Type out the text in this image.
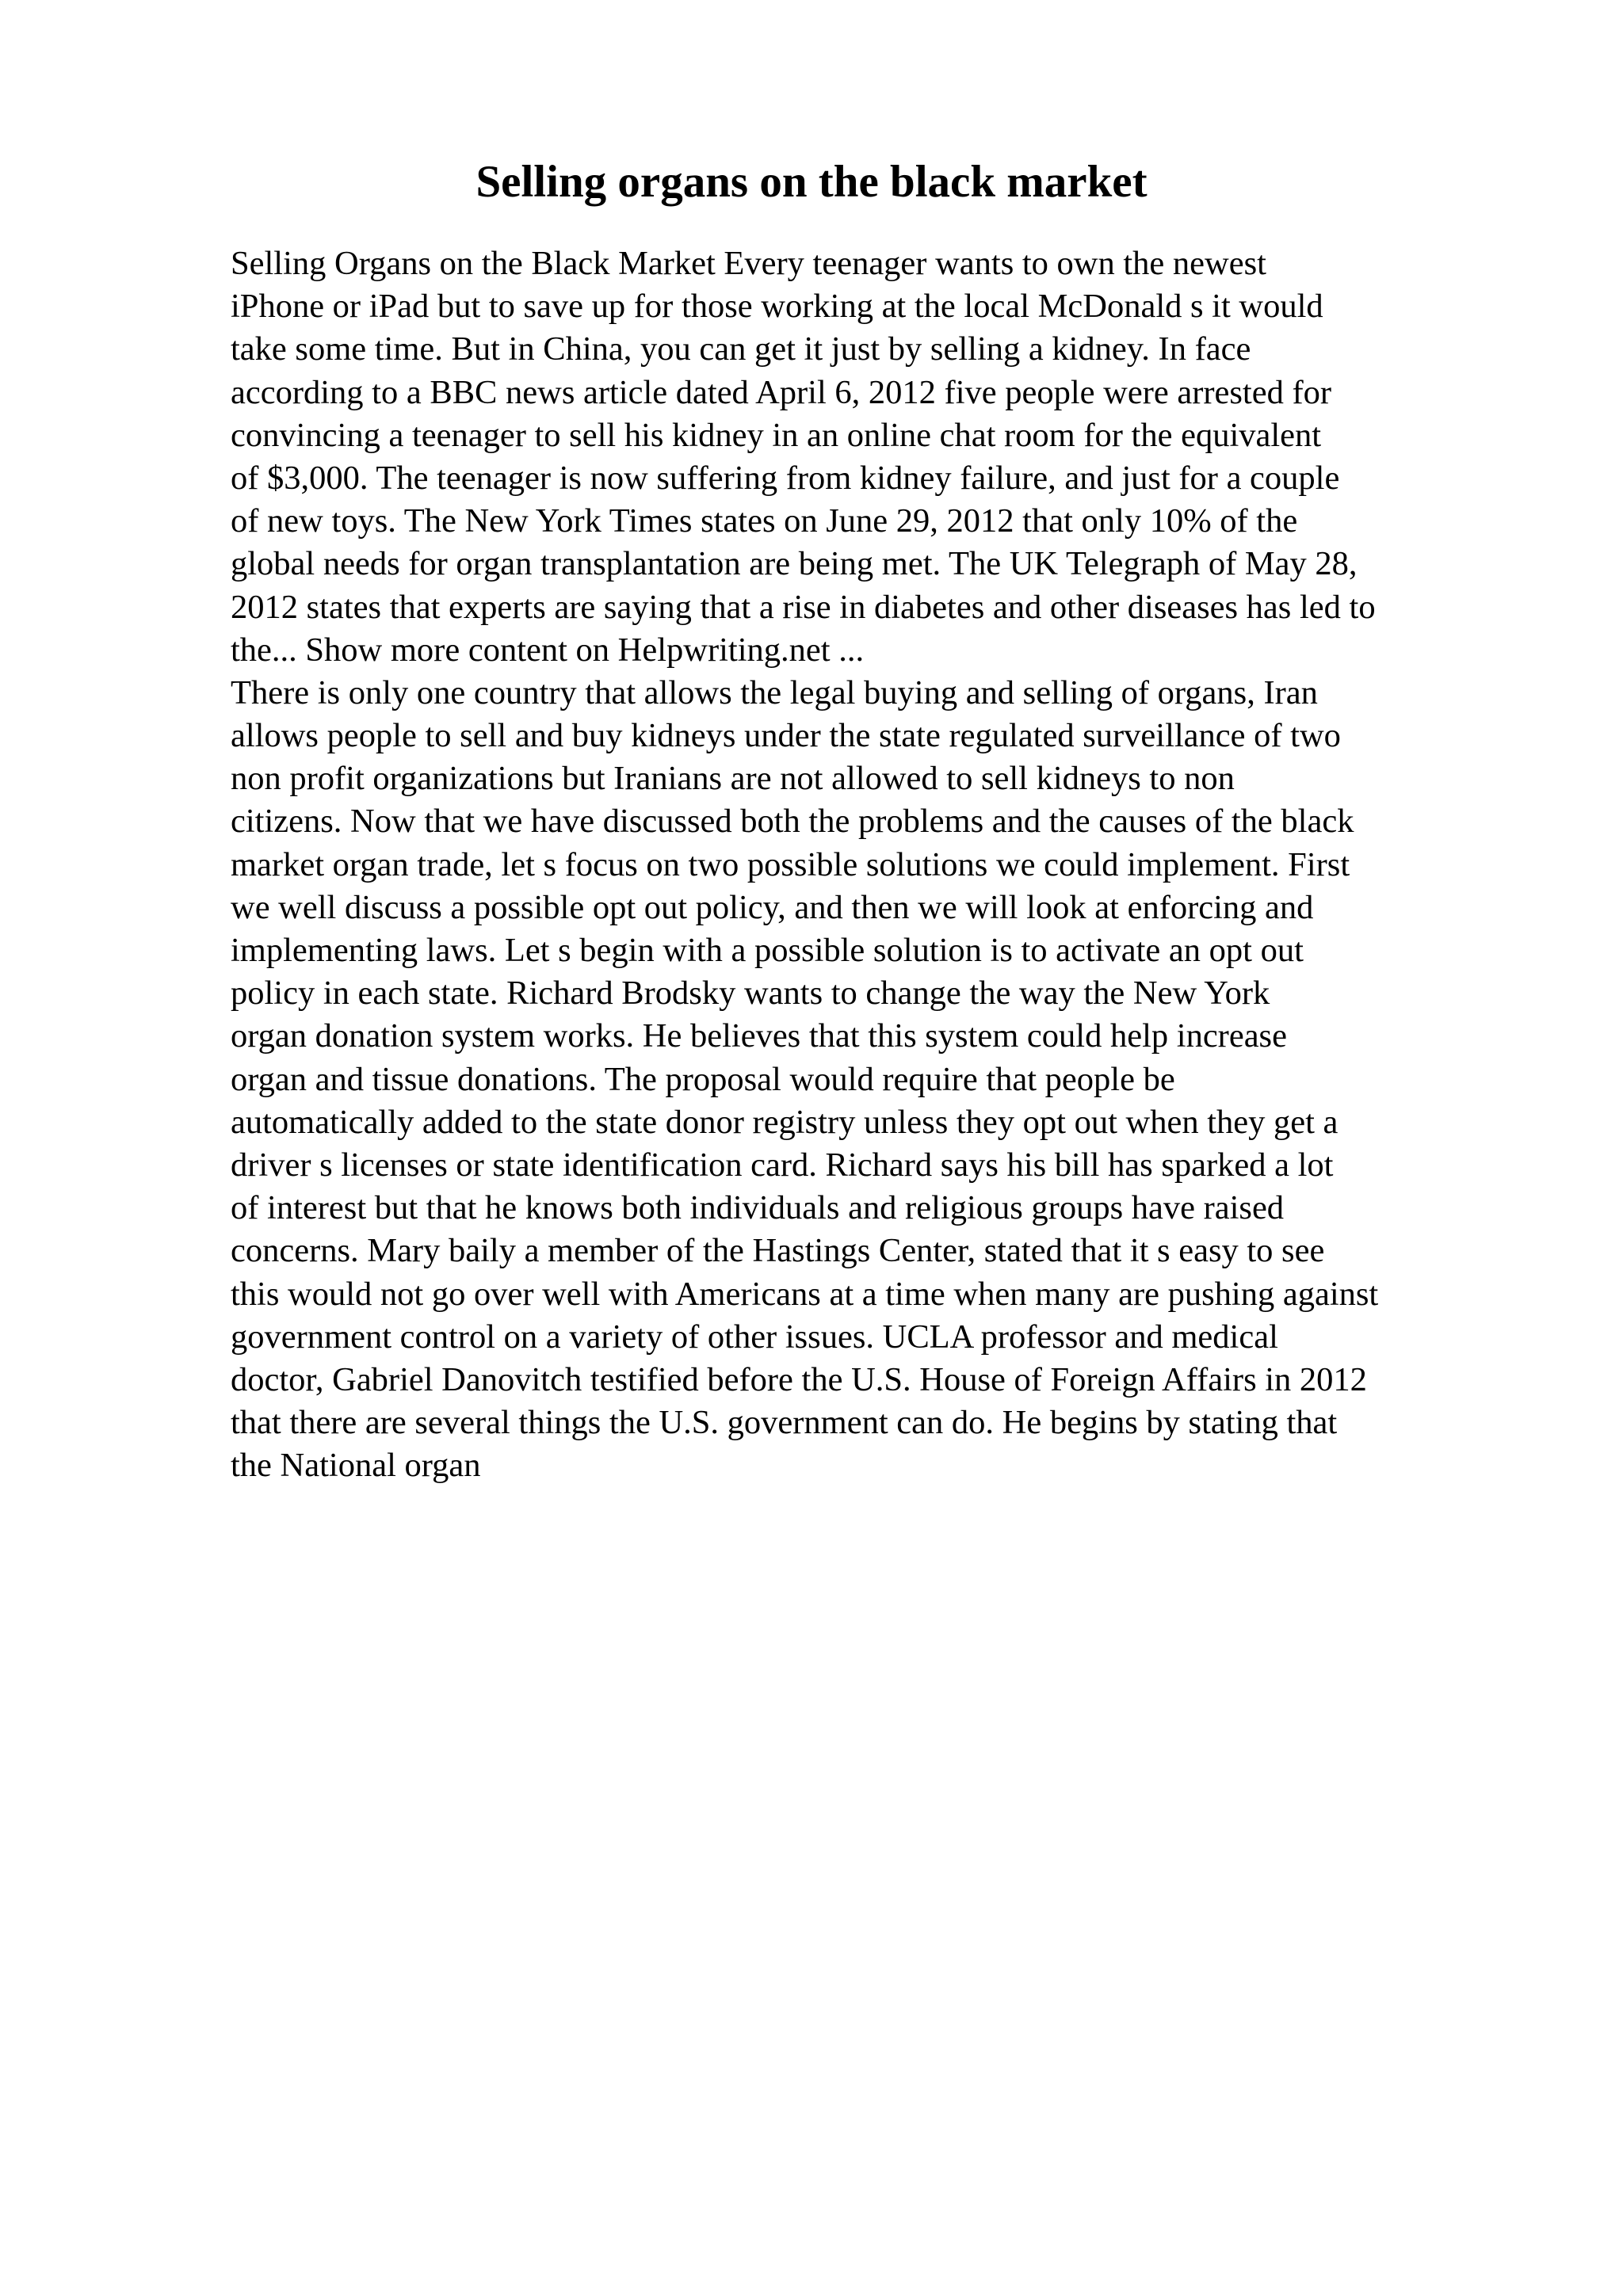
Selling organs on the black market
Selling Organs on the Black Market Every teenager wants to own the newest
iPhone or iPad but to save up for those working at the local McDonald s it would
take some time. But in China, you can get it just by selling a kidney. In face
according to a BBC news article dated April 6, 2012 five people were arrested for
convincing a teenager to sell his kidney in an online chat room for the equivalent
of $3,000. The teenager is now suffering from kidney failure, and just for a couple
of new toys. The New York Times states on June 29, 2012 that only 10% of the
global needs for organ transplantation are being met. The UK Telegraph of May 28,
2012 states that experts are saying that a rise in diabetes and other diseases has led to
the... Show more content on Helpwriting.net ...
There is only one country that allows the legal buying and selling of organs, Iran
allows people to sell and buy kidneys under the state regulated surveillance of two
non profit organizations but Iranians are not allowed to sell kidneys to non
citizens. Now that we have discussed both the problems and the causes of the black
market organ trade, let s focus on two possible solutions we could implement. First
we well discuss a possible opt out policy, and then we will look at enforcing and
implementing laws. Let s begin with a possible solution is to activate an opt out
policy in each state. Richard Brodsky wants to change the way the New York
organ donation system works. He believes that this system could help increase
organ and tissue donations. The proposal would require that people be
automatically added to the state donor registry unless they opt out when they get a
driver s licenses or state identification card. Richard says his bill has sparked a lot
of interest but that he knows both individuals and religious groups have raised
concerns. Mary baily a member of the Hastings Center, stated that it s easy to see
this would not go over well with Americans at a time when many are pushing against
government control on a variety of other issues. UCLA professor and medical
doctor, Gabriel Danovitch testified before the U.S. House of Foreign Affairs in 2012
that there are several things the U.S. government can do. He begins by stating that
the National organ
